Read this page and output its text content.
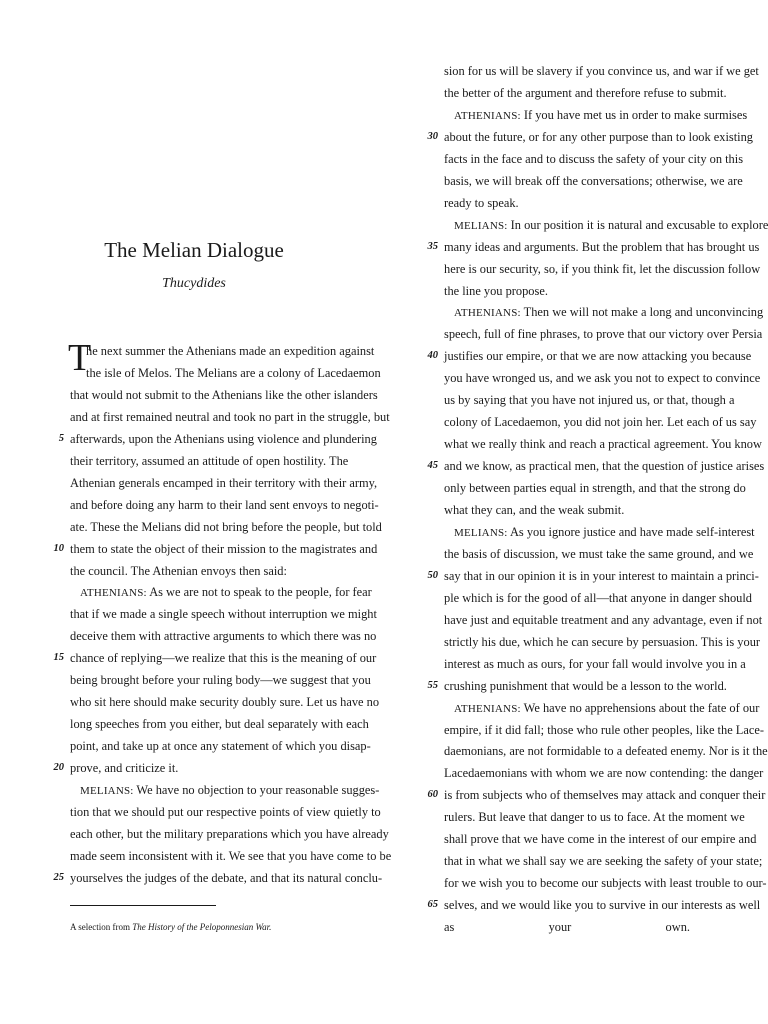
The Melian Dialogue
Thucydides
T
he next summer the Athenians made an expedition against
the isle of Melos. The Melians are a colony of Lacedaemon
that would not submit to the Athenians like the other islanders
and at first remained neutral and took no part in the struggle, but
afterwards, upon the Athenians using violence and plundering
their territory, assumed an attitude of open hostility. The
Athenian generals encamped in their territory with their army,
and before doing any harm to their land sent envoys to negoti-
ate. These the Melians did not bring before the people, but told
them to state the object of their mission to the magistrates and
the council. The Athenian envoys then said:
ATHENIANS: As we are not to speak to the people, for fear
that if we made a single speech without interruption we might
deceive them with attractive arguments to which there was no
chance of replying—we realize that this is the meaning of our
being brought before your ruling body—we suggest that you
who sit here should make security doubly sure. Let us have no
long speeches from you either, but deal separately with each
point, and take up at once any statement of which you disap-
prove, and criticize it.
MELIANS: We have no objection to your reasonable sugges-
tion that we should put our respective points of view quietly to
each other, but the military preparations which you have already
made seem inconsistent with it. We see that you have come to be
yourselves the judges of the debate, and that its natural conclu-
sion for us will be slavery if you convince us, and war if we get
the better of the argument and therefore refuse to submit.
ATHENIANS: If you have met us in order to make surmises
about the future, or for any other purpose than to look existing
facts in the face and to discuss the safety of your city on this
basis, we will break off the conversations; otherwise, we are
ready to speak.
MELIANS: In our position it is natural and excusable to explore
many ideas and arguments. But the problem that has brought us
here is our security, so, if you think fit, let the discussion follow
the line you propose.
ATHENIANS: Then we will not make a long and unconvincing
speech, full of fine phrases, to prove that our victory over Persia
justifies our empire, or that we are now attacking you because
you have wronged us, and we ask you not to expect to convince
us by saying that you have not injured us, or that, though a
colony of Lacedaemon, you did not join her. Let each of us say
what we really think and reach a practical agreement. You know
and we know, as practical men, that the question of justice arises
only between parties equal in strength, and that the strong do
what they can, and the weak submit.
MELIANS: As you ignore justice and have made self-interest
the basis of discussion, we must take the same ground, and we
say that in our opinion it is in your interest to maintain a princi-
ple which is for the good of all—that anyone in danger should
have just and equitable treatment and any advantage, even if not
strictly his due, which he can secure by persuasion. This is your
interest as much as ours, for your fall would involve you in a
crushing punishment that would be a lesson to the world.
ATHENIANS: We have no apprehensions about the fate of our
empire, if it did fall; those who rule other peoples, like the Lace-
daemonians, are not formidable to a defeated enemy. Nor is it the
Lacedaemonians with whom we are now contending: the danger
is from subjects who of themselves may attack and conquer their
rulers. But leave that danger to us to face. At the moment we
shall prove that we have come in the interest of our empire and
that in what we shall say we are seeking the safety of your state;
for we wish you to become our subjects with least trouble to our-
selves, and we would like you to survive in our interests as well
as your own.
5
10
15
20
25
30
35
40
45
50
55
60
65
A selection from The History of the Peloponnesian War.
